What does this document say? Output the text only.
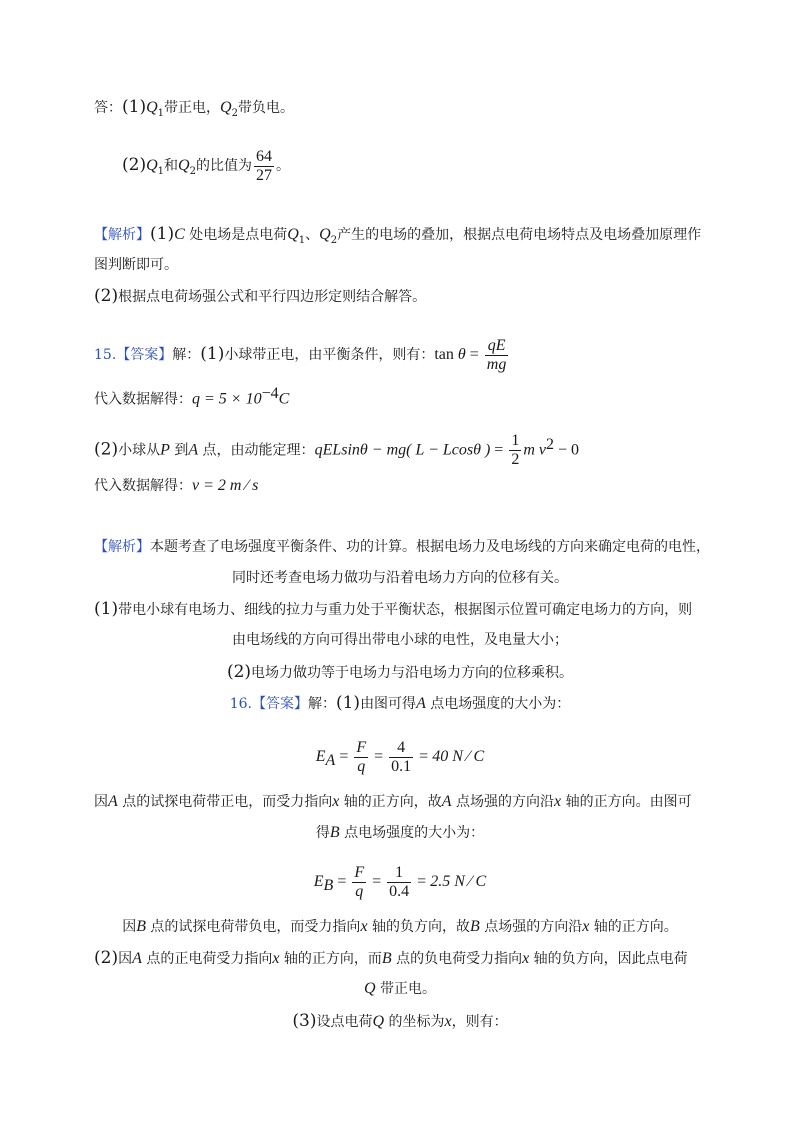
答：$(1)Q_1$带正电，$Q_2$带负电。
$(2)Q_1$和$Q_2$的比值为 $\frac{64}{27}$ 。
【解析】(1)C 处电场是点电荷$Q_1$、$Q_2$产生的电场的叠加，根据点电荷电场特点及电场叠加原理作
图判断即可。
(2)根据点电荷场强公式和平行四边形定则结合解答。
15.【答案】解：(1)小球带正电，由平衡条件，则有：$\tan \theta = \frac{qE}{mg}$
代入数据解得：$q = 5 \times 10^{-4}C$
(2)小球从P 到A 点，由动能定理：qELsinθ − mg( L − Lcosθ ) = $\frac{1}{2}$ m $v^2 - 0$
代入数据解得：v = 2 m ∕ s
【解析】本题考查了电场强度平衡条件、功的计算。根据电场力及电场线的方向来确定电荷的电性，
同时还考查电场力做功与沿着电场力方向的位移有关。
(1)带电小球有电场力、细线的拉力与重力处于平衡状态，根据图示位置可确定电场力的方向，则
由电场线的方向可得出带电小球的电性，及电量大小；
(2)电场力做功等于电场力与沿电场力方向的位移乘积。
16.【答案】解：(1)由图可得A 点电场强度的大小为：
$E_A = \frac{F}{q} = \frac{4}{0.1} = 40$ N ∕ C
因A 点的试探电荷带正电，而受力指向x 轴的正方向，故A 点场强的方向沿x 轴的正方向。由图可
得B 点电场强度的大小为：
$E_B = \frac{F}{q} = \frac{1}{0.4} = 2.5$ N ∕ C
因B 点的试探电荷带负电，而受力指向x 轴的负方向，故B 点场强的方向沿x 轴的正方向。
(2)因A 点的正电荷受力指向x 轴的正方向，而B 点的负电荷受力指向x 轴的负方向，因此点电荷
Q 带正电。
(3)设点电荷Q 的坐标为x，则有：
